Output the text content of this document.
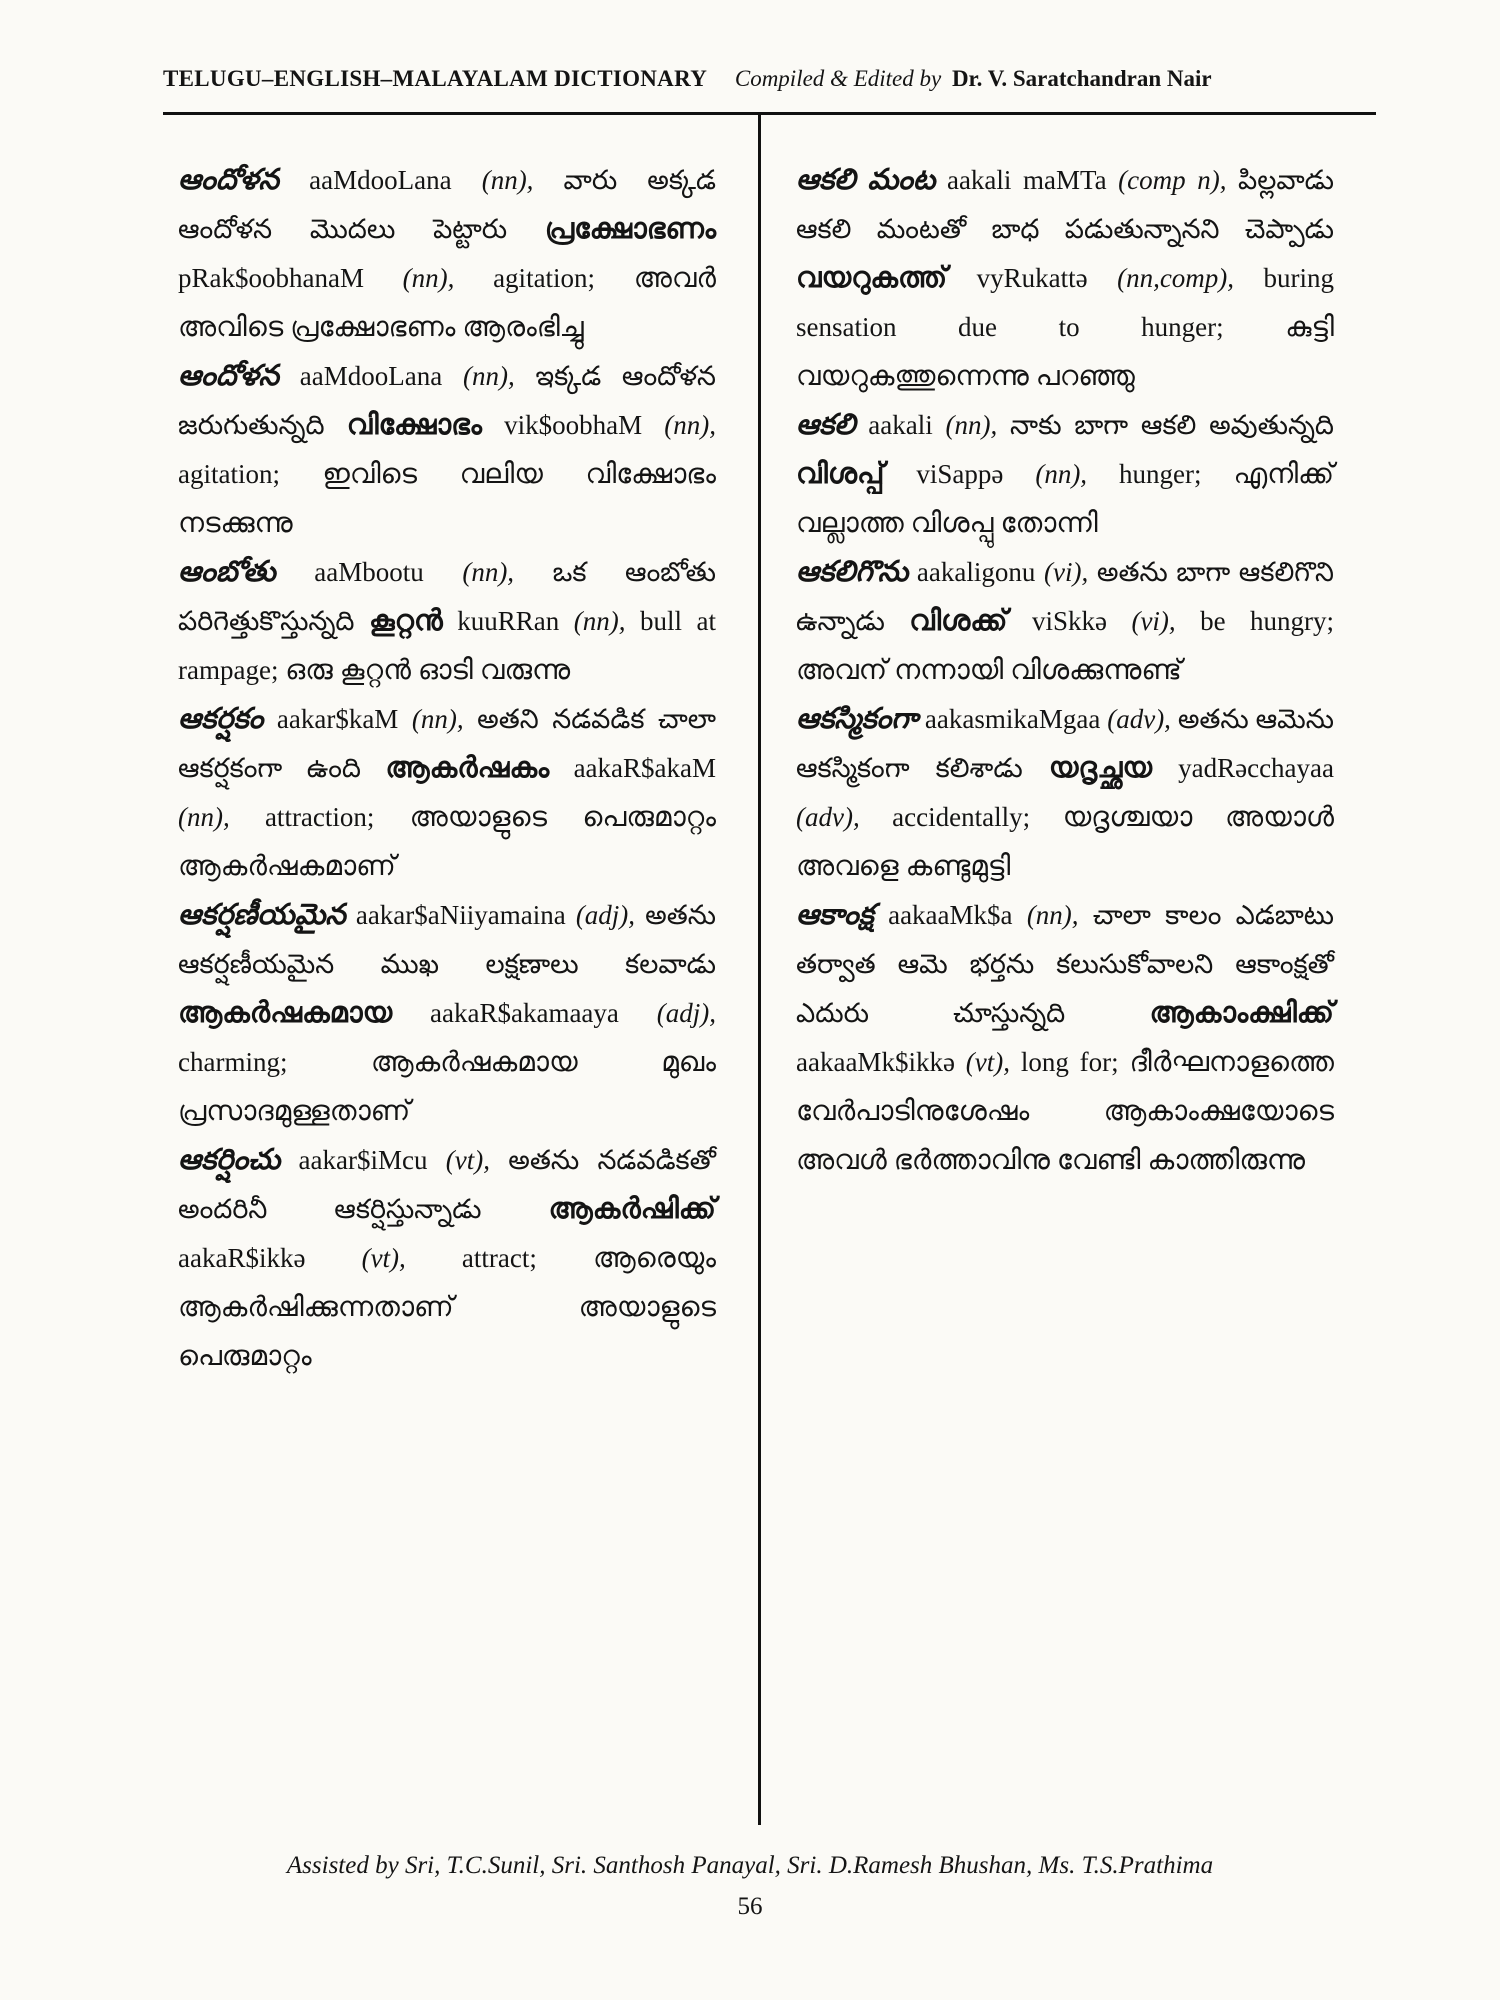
TELUGU–ENGLISH–MALAYALAM DICTIONARY Compiled & Edited by Dr. V. Saratchandran Nair

ఆందోళన aaMdooLana (nn), వారు అక్కడ ఆందోళన మొదలు పెట్టారు പ്രക്ഷോഭണം pRak$oobhanaM (nn), agitation; അവർ അവിടെ പ്രക്ഷോഭണം ആരംഭിച്ചു

ఆందోళన aaMdooLana (nn), ఇక్కడ ఆందోళన జరుగుతున్నది വിക്ഷോഭം vik$oobhaM (nn), agitation; ഇവിടെ വലിയ വിക്ഷോഭം നടക്കുന്നു

ఆంబోతు aaMbootu (nn), ఒక ఆంబోతు పరిగెత్తుకొస్తున్నది കൂറ്റൻ kuuRRan (nn), bull at rampage; ഒരു കൂറ്റൻ ഓടി വരുന്നു

ఆకర్షకం aakar$kaM (nn), అతని నడవడిక చాలా ఆకర్షకంగా ఉంది ആകർഷകം aakaR$akaM (nn), attraction; അയാളുടെ പെരുമാറ്റം ആകർഷകമാണ്

ఆకర్షణీయమైన aakar$aNiiyamaina (adj), అతను ఆకర్షణీయమైన ముఖ లక్షణాలు కలవాడు ആകർഷകമായ aakaR$akamaaya (adj), charming;	ആകർഷകമായ മുഖം പ്രസാദമുള്ളതാണ്

ఆకర్షించు aakar$iMcu (vt), అతను నడవడికతో అందరినీ ఆకర్షిస్తున్నాడు ആകർഷിക്ക് aakaR$ikkə (vt), attract; ആരെയും ആകർഷിക്കുന്നതാണ് അയാളുടെ പെരുമാറ്റം

ఆకలి మంట aakali maMTa (comp n), పిల్లవాడు ఆకలి మంటతో బాధ పడుతున్నానని చెప్పాడు വയറുകത്ത് vyRukattə (nn,comp), buring sensation due to hunger; കുട്ടി വയറുകത്തുന്നെന്നു പറഞ്ഞു

ఆకలి aakali (nn), నాకు బాగా ఆకలి అవుతున్నది വിശപ്പ് viSappə (nn), hunger; എനിക്ക് വല്ലാത്ത വിശപ്പു തോന്നി

ఆకలిగొను aakaligonu (vi), అతను బాగా ఆకలిగొని ఉన్నాడు വിശക്ക് viSkkə (vi), be hungry; അവന് നന്നായി വിശക്കുന്നുണ്ട്

ఆకస్మికంగా aakasmikaMgaa (adv), అతను ఆమెను ఆకస్మికంగా కలిశాడు യദൃച്ഛയ yadRəcchayaa (adv), accidentally; യദൃശ്ചയാ അയാൾ അവളെ കണ്ടുമുട്ടി

ఆకాంక్ష aakaaMk$a (nn), చాలా కాలం ఎడబాటు తర్వాత ఆమె భర్తను కలుసుకోవాలని ఆకాంక్షతో ఎదురు చూస్తున్నది	ആകാംക്ഷിക്ക് aakaaMk$ikkə (vt), long for; ദീർഘനാളത്തെ വേർപാടിനുശേഷം ആകാംക്ഷയോടെ അവൾ ഭർത്താവിനു വേണ്ടി കാത്തിരുന്നു

Assisted by Sri, T.C.Sunil, Sri. Santhosh Panayal, Sri. D.Ramesh Bhushan, Ms. T.S.Prathima
56
